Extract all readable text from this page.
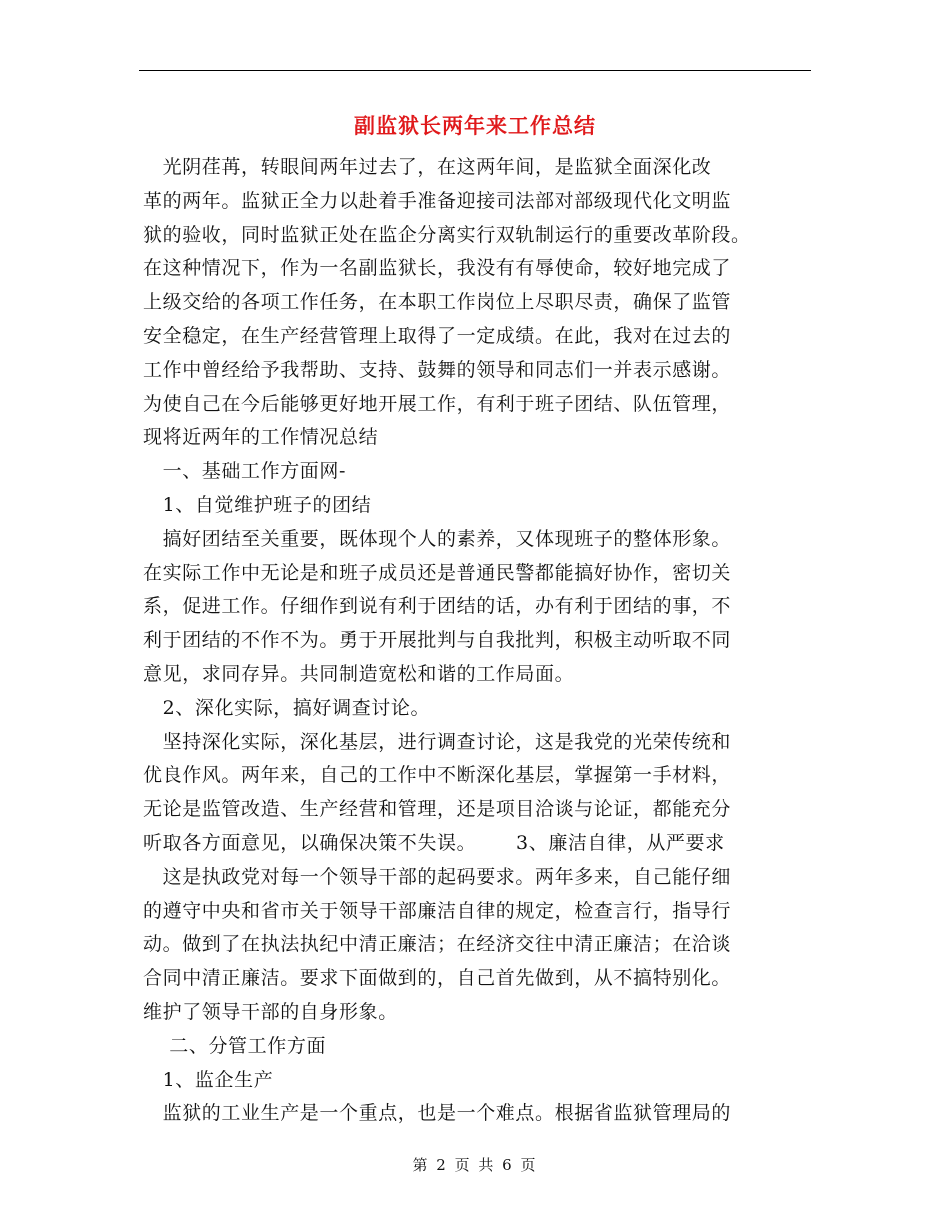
副监狱长两年来工作总结

　光阴荏苒，转眼间两年过去了，在这两年间，是监狱全面深化改

革的两年。监狱正全力以赴着手准备迎接司法部对部级现代化文明监

狱的验收，同时监狱正处在监企分离实行双轨制运行的重要改革阶段。

在这种情况下，作为一名副监狱长，我没有有辱使命，较好地完成了

上级交给的各项工作任务，在本职工作岗位上尽职尽责，确保了监管

安全稳定，在生产经营管理上取得了一定成绩。在此，我对在过去的

工作中曾经给予我帮助、支持、鼓舞的领导和同志们一并表示感谢。

为使自己在今后能够更好地开展工作，有利于班子团结、队伍管理，

现将近两年的工作情况总结

　一、基础工作方面网-

　1、自觉维护班子的团结

　搞好团结至关重要，既体现个人的素养，又体现班子的整体形象。

在实际工作中无论是和班子成员还是普通民警都能搞好协作，密切关

系，促进工作。仔细作到说有利于团结的话，办有利于团结的事，不

利于团结的不作不为。勇于开展批判与自我批判，积极主动听取不同

意见，求同存异。共同制造宽松和谐的工作局面。

　2、深化实际，搞好调查讨论。

　坚持深化实际，深化基层，进行调查讨论，这是我党的光荣传统和

优良作风。两年来，自己的工作中不断深化基层，掌握第一手材料，

无论是监管改造、生产经营和管理，还是项目洽谈与论证，都能充分

听取各方面意见，以确保决策不失误。      3、廉洁自律，从严要求

　这是执政党对每一个领导干部的起码要求。两年多来，自己能仔细

的遵守中央和省市关于领导干部廉洁自律的规定，检查言行，指导行

动。做到了在执法执纪中清正廉洁；在经济交往中清正廉洁；在洽谈

合同中清正廉洁。要求下面做到的，自己首先做到，从不搞特别化。

维护了领导干部的自身形象。

　 二、分管工作方面

　1、监企生产

　监狱的工业生产是一个重点，也是一个难点。根据省监狱管理局的

第 2 页 共 6 页
